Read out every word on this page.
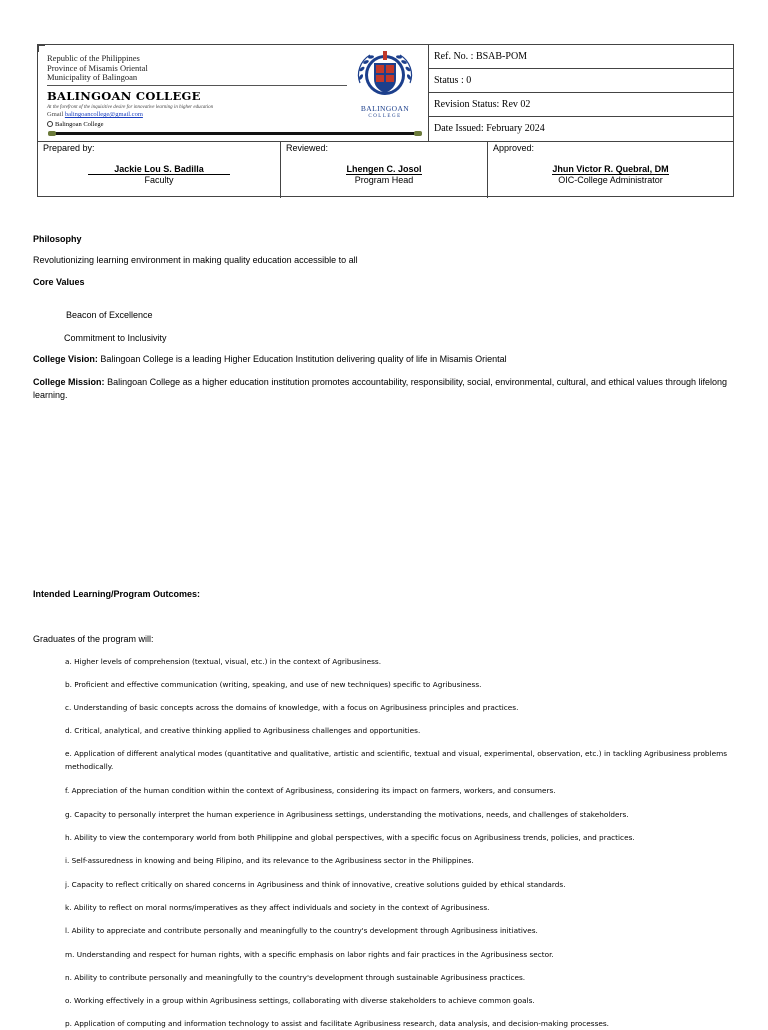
Republic of the Philippines
Province of Misamis Oriental
Municipality of Balingoan
BALINGOAN COLLEGE
At the forefront of the inquisitive desire for innovative learning in higher education
Gmail balingoancollege@gmail.com
Balingoan College
BALINGOAN
COLLEGE
Ref. No. : BSAB-POM
Status : 0
Revision Status: Rev 02
Date Issued: February 2024
Prepared by:
Jackie Lou S. Badilla
Faculty
Reviewed:
Lhengen C. Josol
Program Head
Approved:
Jhun Victor R. Quebral, DM
OIC-College Administrator
Philosophy
Revolutionizing learning environment in making quality education accessible to all
Core Values
Beacon of Excellence
Commitment to Inclusivity
College Vision: Balingoan College is a leading Higher Education Institution delivering quality of life in Misamis Oriental
College Mission: Balingoan College as a higher education institution promotes accountability, responsibility, social, environmental, cultural, and ethical values through lifelong learning.
Intended Learning/Program Outcomes:
Graduates of the program will:
a. Higher levels of comprehension (textual, visual, etc.) in the context of Agribusiness.
b. Proficient and effective communication (writing, speaking, and use of new techniques) specific to Agribusiness.
c. Understanding of basic concepts across the domains of knowledge, with a focus on Agribusiness principles and practices.
d. Critical, analytical, and creative thinking applied to Agribusiness challenges and opportunities.
e. Application of different analytical modes (quantitative and qualitative, artistic and scientific, textual and visual, experimental, observation, etc.) in tackling Agribusiness problems methodically.
f. Appreciation of the human condition within the context of Agribusiness, considering its impact on farmers, workers, and consumers.
g. Capacity to personally interpret the human experience in Agribusiness settings, understanding the motivations, needs, and challenges of stakeholders.
h. Ability to view the contemporary world from both Philippine and global perspectives, with a specific focus on Agribusiness trends, policies, and practices.
i. Self-assuredness in knowing and being Filipino, and its relevance to the Agribusiness sector in the Philippines.
j. Capacity to reflect critically on shared concerns in Agribusiness and think of innovative, creative solutions guided by ethical standards.
k. Ability to reflect on moral norms/imperatives as they affect individuals and society in the context of Agribusiness.
l. Ability to appreciate and contribute personally and meaningfully to the country's development through Agribusiness initiatives.
m. Understanding and respect for human rights, with a specific emphasis on labor rights and fair practices in the Agribusiness sector.
n. Ability to contribute personally and meaningfully to the country's development through sustainable Agribusiness practices.
o. Working effectively in a group within Agribusiness settings, collaborating with diverse stakeholders to achieve common goals.
p. Application of computing and information technology to assist and facilitate Agribusiness research, data analysis, and decision-making processes.
